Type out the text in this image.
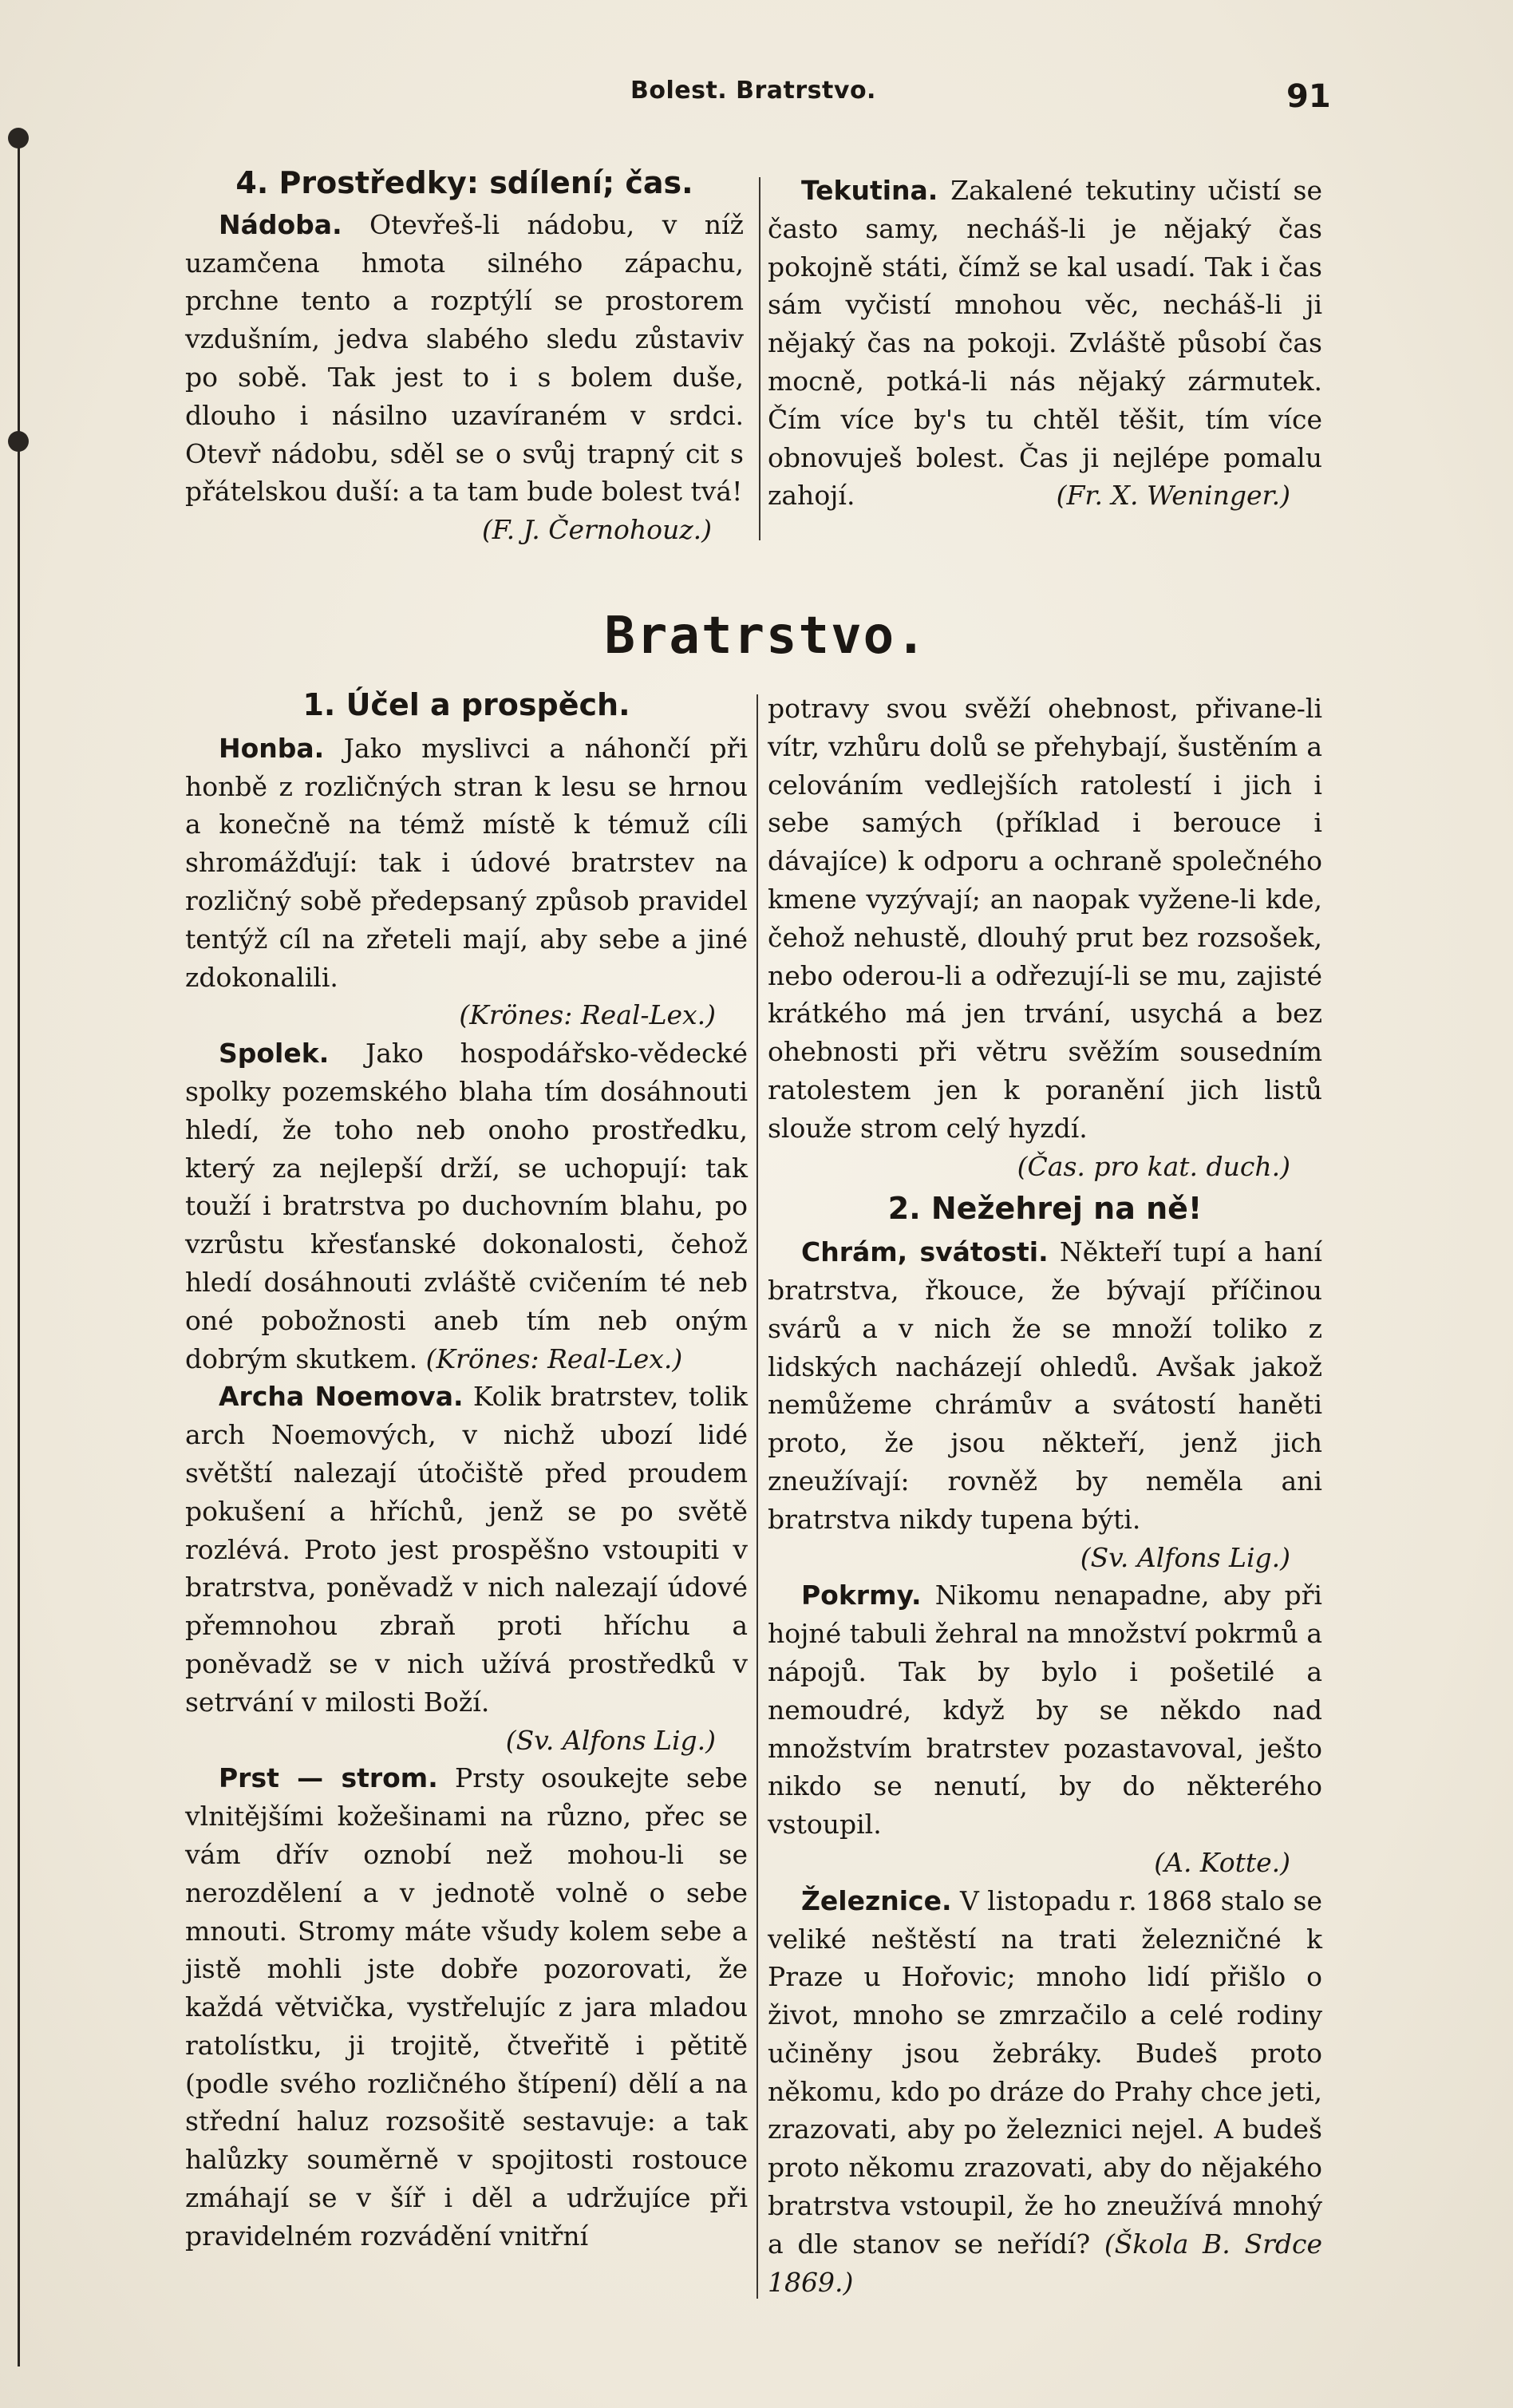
Bolest. Bratrstvo.	91

4. Prostředky: sdílení; čas.

Nádoba. Otevřeš-li nádobu, v níž uzamčena hmota silného zápachu, prchne tento a rozptýlí se prostorem vzdušním, jedva slabého sledu zůstaviv po sobě. Tak jest to i s bolem duše, dlouho i násilno uzavíraném v srdci. Otevř nádobu, sděl se o svůj trapný cit s přátelskou duší: a ta tam bude bolest tvá!

(F. J. Černohouz.)

Tekutina. Zakalené tekutiny učistí se často samy, necháš-li je nějaký čas pokojně státi, čímž se kal usadí. Tak i čas sám vyčistí mnohou věc, necháš-li ji nějaký čas na pokoji. Zvláště působí čas mocně, potká-li nás nějaký zármutek. Čím více by's tu chtěl těšit, tím více obnovuješ bolest. Čas ji nejlépe pomalu zahojí.	(Fr. X. Weninger.)

Bratrstvo.

1. Účel a prospěch.

Honba. Jako myslivci a náhončí při honbě z rozličných stran k lesu se hrnou a konečně na témž místě k témuž cíli shromážďují: tak i údové bratrstev na rozličný sobě předepsaný způsob pravidel tentýž cíl na zřeteli mají, aby sebe a jiné zdokonalili.

(Krönes: Real-Lex.)

Spolek. Jako hospodářsko-vědecké spolky pozemského blaha tím dosáhnouti hledí, že toho neb onoho prostředku, který za nejlepší drží, se uchopují: tak touží i bratrstva po duchovním blahu, po vzrůstu křesťanské dokonalosti, čehož hledí dosáhnouti zvláště cvičením té neb oné pobožnosti aneb tím neb oným dobrým skutkem. (Krönes: Real-Lex.)

Archa Noemova. Kolik bratrstev, tolik arch Noemových, v nichž ubozí lidé světští nalezají útočiště před proudem pokušení a hříchů, jenž se po světě rozlévá. Proto jest prospěšno vstoupiti v bratrstva, poněvadž v nich nalezají údové přemnohou zbraň proti hříchu a poněvadž se v nich užívá prostředků v setrvání v milosti Boží.

(Sv. Alfons Lig.)

Prst — strom. Prsty osoukejte sebe vlnitějšími kožešinami na různo, přec se vám dřív oznobí než mohou-li se nerozdělení a v jednotě volně o sebe mnouti. Stromy máte všudy kolem sebe a jistě mohli jste dobře pozorovati, že každá větvička, vystřelujíc z jara mladou ratolístku, ji trojitě, čtveřitě i pětitě (podle svého rozličného štípení) dělí a na střední haluz rozsošitě sestavuje: a tak halůzky souměrně v spojitosti rostouce zmáhají se v šíř i děl a udržujíce při pravidelném rozvádění vnitřní

potravy svou svěží ohebnost, přivane-li vítr, vzhůru dolů se přehybají, šustěním a celováním vedlejších ratolestí i jich i sebe samých (příklad i berouce i dávajíce) k odporu a ochraně společného kmene vyzývají; an naopak vyžene-li kde, čehož nehustě, dlouhý prut bez rozsošek, nebo oderou-li a odřezují-li se mu, zajisté krátkého má jen trvání, usychá a bez ohebnosti při větru svěžím sousedním ratolestem jen k poranění jich listů slouže strom celý hyzdí.

(Čas. pro kat. duch.)

2. Nežehrej na ně!

Chrám, svátosti. Někteří tupí a haní bratrstva, řkouce, že bývají příčinou svárů a v nich že se množí toliko z lidských nacházejí ohledů. Avšak jakož nemůžeme chrámův a svátostí haněti proto, že jsou někteří, jenž jich zneužívají: rovněž by neměla ani bratrstva nikdy tupena býti.

(Sv. Alfons Lig.)

Pokrmy. Nikomu nenapadne, aby při hojné tabuli žehral na množství pokrmů a nápojů. Tak by bylo i pošetilé a nemoudré, když by se někdo nad množstvím bratrstev pozastavoval, ješto nikdo se nenutí, by do některého vstoupil.

(A. Kotte.)

Železnice. V listopadu r. 1868 stalo se veliké neštěstí na trati železničné k Praze u Hořovic; mnoho lidí přišlo o život, mnoho se zmrzačilo a celé rodiny učiněny jsou žebráky. Budeš proto někomu, kdo po dráze do Prahy chce jeti, zrazovati, aby po železnici nejel. A budeš proto někomu zrazovati, aby do nějakého bratrstva vstoupil, že ho zneužívá mnohý a dle stanov se neřídí? (Škola B. Srdce 1869.)
